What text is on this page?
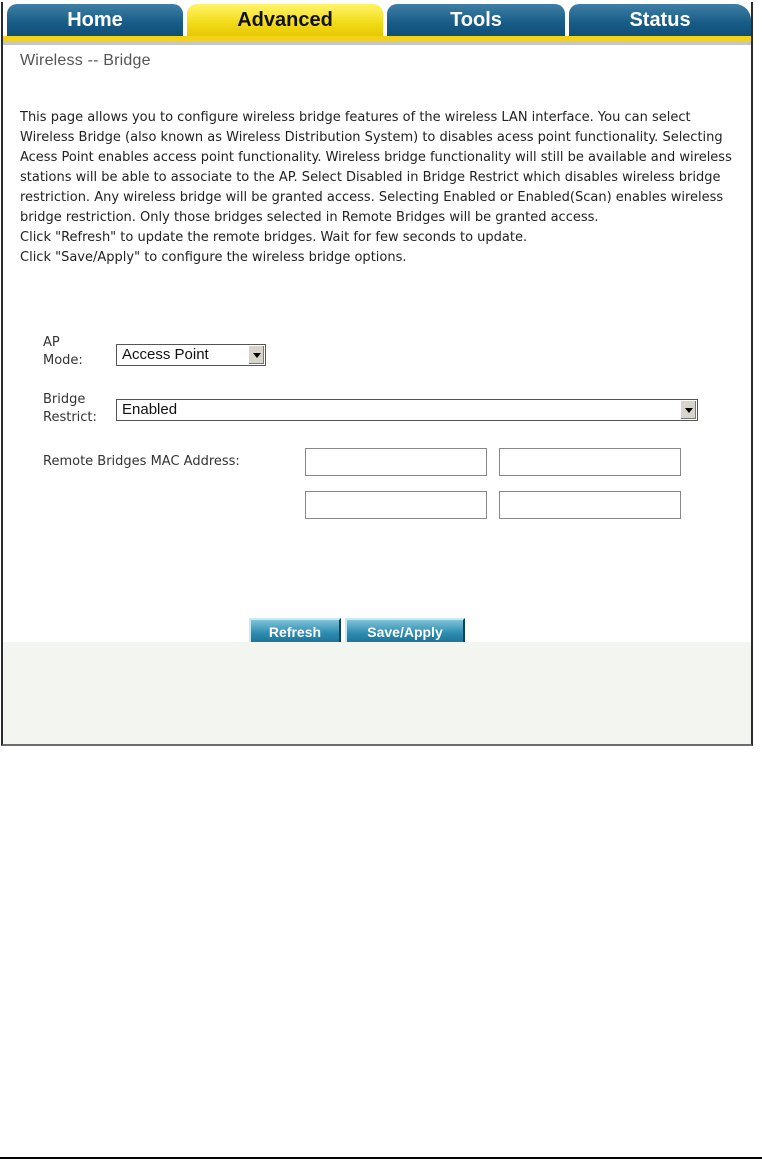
Home	Advanced	Tools	Status
Wireless -- Bridge

This page allows you to configure wireless bridge features of the wireless LAN interface. You can select Wireless Bridge (also known as Wireless Distribution System) to disables acess point functionality. Selecting Acess Point enables access point functionality. Wireless bridge functionality will still be available and wireless stations will be able to associate to the AP. Select Disabled in Bridge Restrict which disables wireless bridge restriction. Any wireless bridge will be granted access. Selecting Enabled or Enabled(Scan) enables wireless bridge restriction. Only those bridges selected in Remote Bridges will be granted access.

Click "Refresh" to update the remote bridges. Wait for few seconds to update.

Click "Save/Apply" to configure the wireless bridge options.

AP
Mode:	Access Point
Bridge
Restrict:	Enabled
Remote Bridges MAC Address:
Refresh	Save/Apply
